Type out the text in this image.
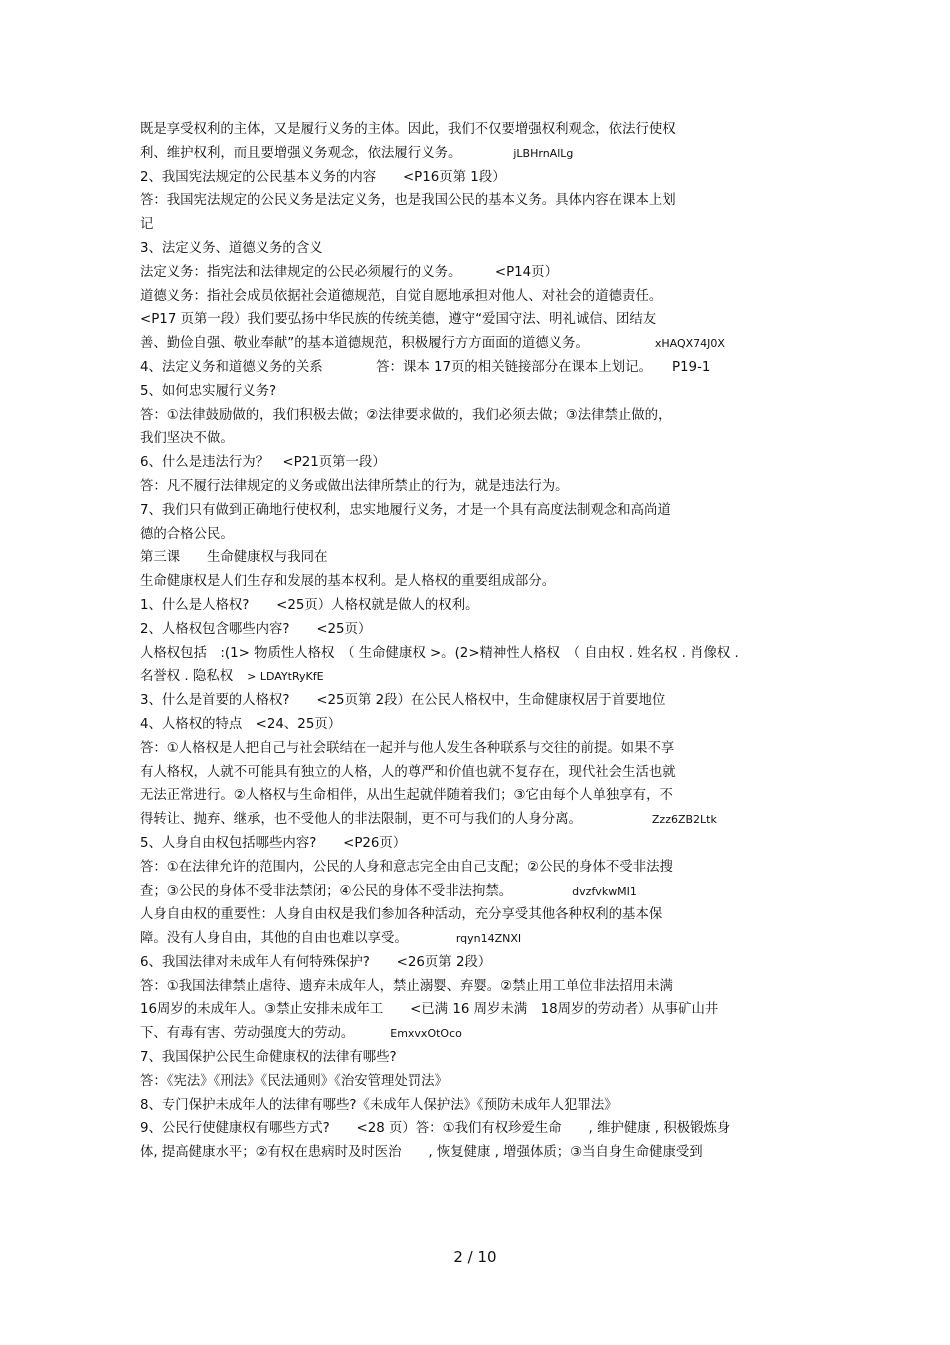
既是享受权利的主体，又是履行义务的主体。因此，我们不仅要增强权利观念，依法行使权
利、维护权利，而且要增强义务观念，依法履行义务。	jLBHrnAlLg
2、我国宪法规定的公民基本义务的内容　　<P16页第 1段）
答：我国宪法规定的公民义务是法定义务，也是我国公民的基本义务。具体内容在课本上划
记
3、法定义务、道德义务的含义
法定义务：指宪法和法律规定的公民必须履行的义务。　　　<P14页）
道德义务：指社会成员依据社会道德规范，自觉自愿地承担对他人、对社会的道德责任。
<P17 页第一段）我们要弘扬中华民族的传统美德，遵守“爱国守法、明礼诚信、团结友
善、勤俭自强、敬业奉献”的基本道德规范，积极履行方方面面的道德义务。	xHAQX74J0X
4、法定义务和道德义务的关系　　　　答：课本 17页的相关链接部分在课本上划记。　　P19-1
5、如何忠实履行义务?
答：①法律鼓励做的，我们积极去做；②法律要求做的，我们必须去做；③法律禁止做的，
我们坚决不做。
6、什么是违法行为？　<P21页第一段）
答：凡不履行法律规定的义务或做出法律所禁止的行为，就是违法行为。
7、我们只有做到正确地行使权利，忠实地履行义务，才是一个具有高度法制观念和高尚道
德的合格公民。
第三课　　生命健康权与我同在
生命健康权是人们生存和发展的基本权利。是人格权的重要组成部分。
1、什么是人格权?　　<25页）人格权就是做人的权利。
2、人格权包含哪些内容?　　<25页）
人格权包括　:(1> 物质性人格权　（ 生命健康权 >。(2>精神性人格权　（ 自由权 . 姓名权 . 肖像权 .
名誉权 . 隐私权 > LDAYtRyKfE
3、什么是首要的人格权?　　<25页第 2段）在公民人格权中，生命健康权居于首要地位
4、人格权的特点　<24、25页）
答：①人格权是人把自己与社会联结在一起并与他人发生各种联系与交往的前提。如果不享
有人格权，人就不可能具有独立的人格，人的尊严和价值也就不复存在，现代社会生活也就
无法正常进行。②人格权与生命相伴，从出生起就伴随着我们；③它由每个人单独享有，不
得转让、抛弃、继承，也不受他人的非法限制，更不可与我们的人身分离。	Zzz6ZB2Ltk
5、人身自由权包括哪些内容?　　<P26页）
答：①在法律允许的范围内，公民的人身和意志完全由自己支配；②公民的身体不受非法搜
查；③公民的身体不受非法禁闭；④公民的身体不受非法拘禁。	dvzfvkwMI1
人身自由权的重要性：人身自由权是我们参加各种活动，充分享受其他各种权利的基本保
障。没有人身自由，其他的自由也难以享受。	rqyn14ZNXI
6、我国法律对未成年人有何特殊保护?　　<26页第 2段）
答：①我国法律禁止虐待、遗弃未成年人，禁止溺婴、弃婴。②禁止用工单位非法招用未满
16周岁的未成年人。③禁止安排未成年工　　<已满 16 周岁未满　18周岁的劳动者）从事矿山井
下、有毒有害、劳动强度大的劳动。	EmxvxOtOco
7、我国保护公民生命健康权的法律有哪些?
答：《宪法》《刑法》《民法通则》《治安管理处罚法》
8、专门保护未成年人的法律有哪些?《未成年人保护法》《预防未成年人犯罪法》
9、公民行使健康权有哪些方式?　　<28 页）答：①我们有权珍爱生命　　, 维护健康 , 积极锻炼身
体, 提高健康水平；②有权在患病时及时医治　　, 恢复健康 , 增强体质；③当自身生命健康受到
2 / 10
